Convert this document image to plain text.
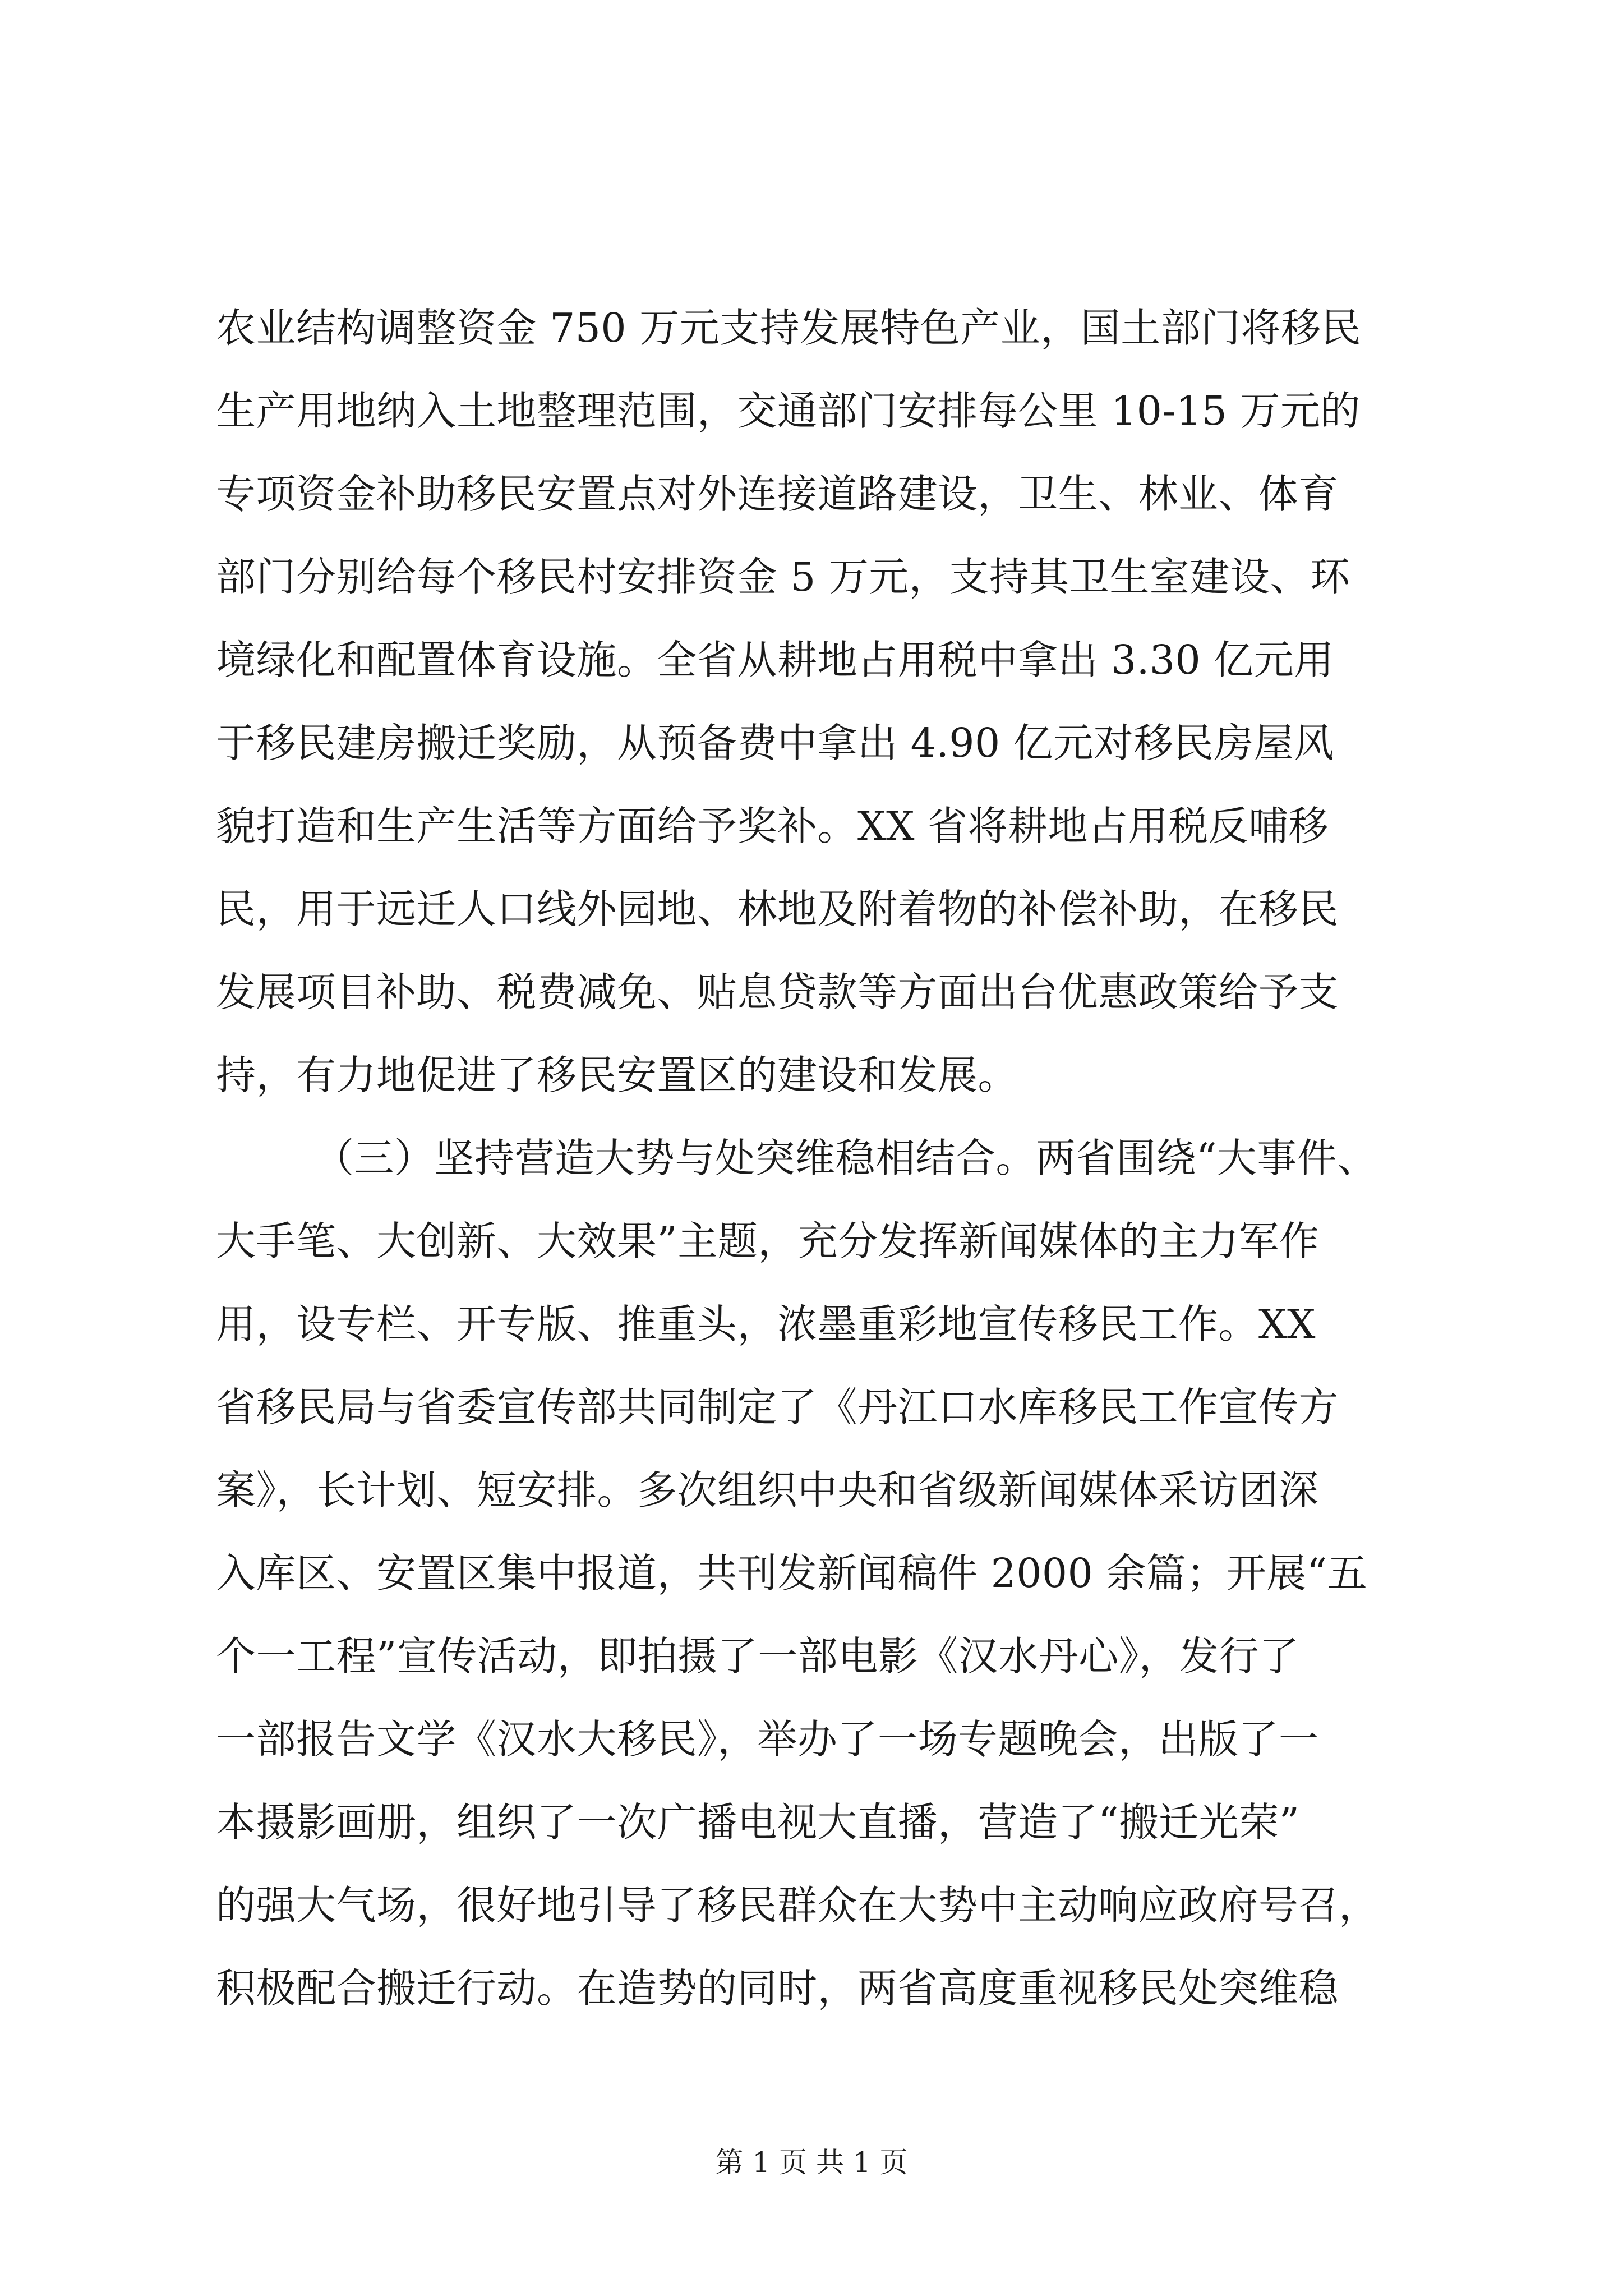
农业结构调整资金 750 万元支持发展特色产业，国土部门将移民
生产用地纳入土地整理范围，交通部门安排每公里 10-15 万元的
专项资金补助移民安置点对外连接道路建设，卫生、林业、体育
部门分别给每个移民村安排资金 5 万元，支持其卫生室建设、环
境绿化和配置体育设施。全省从耕地占用税中拿出 3.30 亿元用
于移民建房搬迁奖励，从预备费中拿出 4.90 亿元对移民房屋风
貌打造和生产生活等方面给予奖补。XX 省将耕地占用税反哺移
民，用于远迁人口线外园地、林地及附着物的补偿补助，在移民
发展项目补助、税费减免、贴息贷款等方面出台优惠政策给予支
持，有力地促进了移民安置区的建设和发展。
（三）坚持营造大势与处突维稳相结合。两省围绕“大事件、
大手笔、大创新、大效果”主题，充分发挥新闻媒体的主力军作
用，设专栏、开专版、推重头，浓墨重彩地宣传移民工作。XX
省移民局与省委宣传部共同制定了《丹江口水库移民工作宣传方
案》，长计划、短安排。多次组织中央和省级新闻媒体采访团深
入库区、安置区集中报道，共刊发新闻稿件 2000 余篇；开展“五
个一工程”宣传活动，即拍摄了一部电影《汉水丹心》，发行了
一部报告文学《汉水大移民》，举办了一场专题晚会，出版了一
本摄影画册，组织了一次广播电视大直播，营造了“搬迁光荣”
的强大气场，很好地引导了移民群众在大势中主动响应政府号召，
积极配合搬迁行动。在造势的同时，两省高度重视移民处突维稳
第 1 页 共 1 页
